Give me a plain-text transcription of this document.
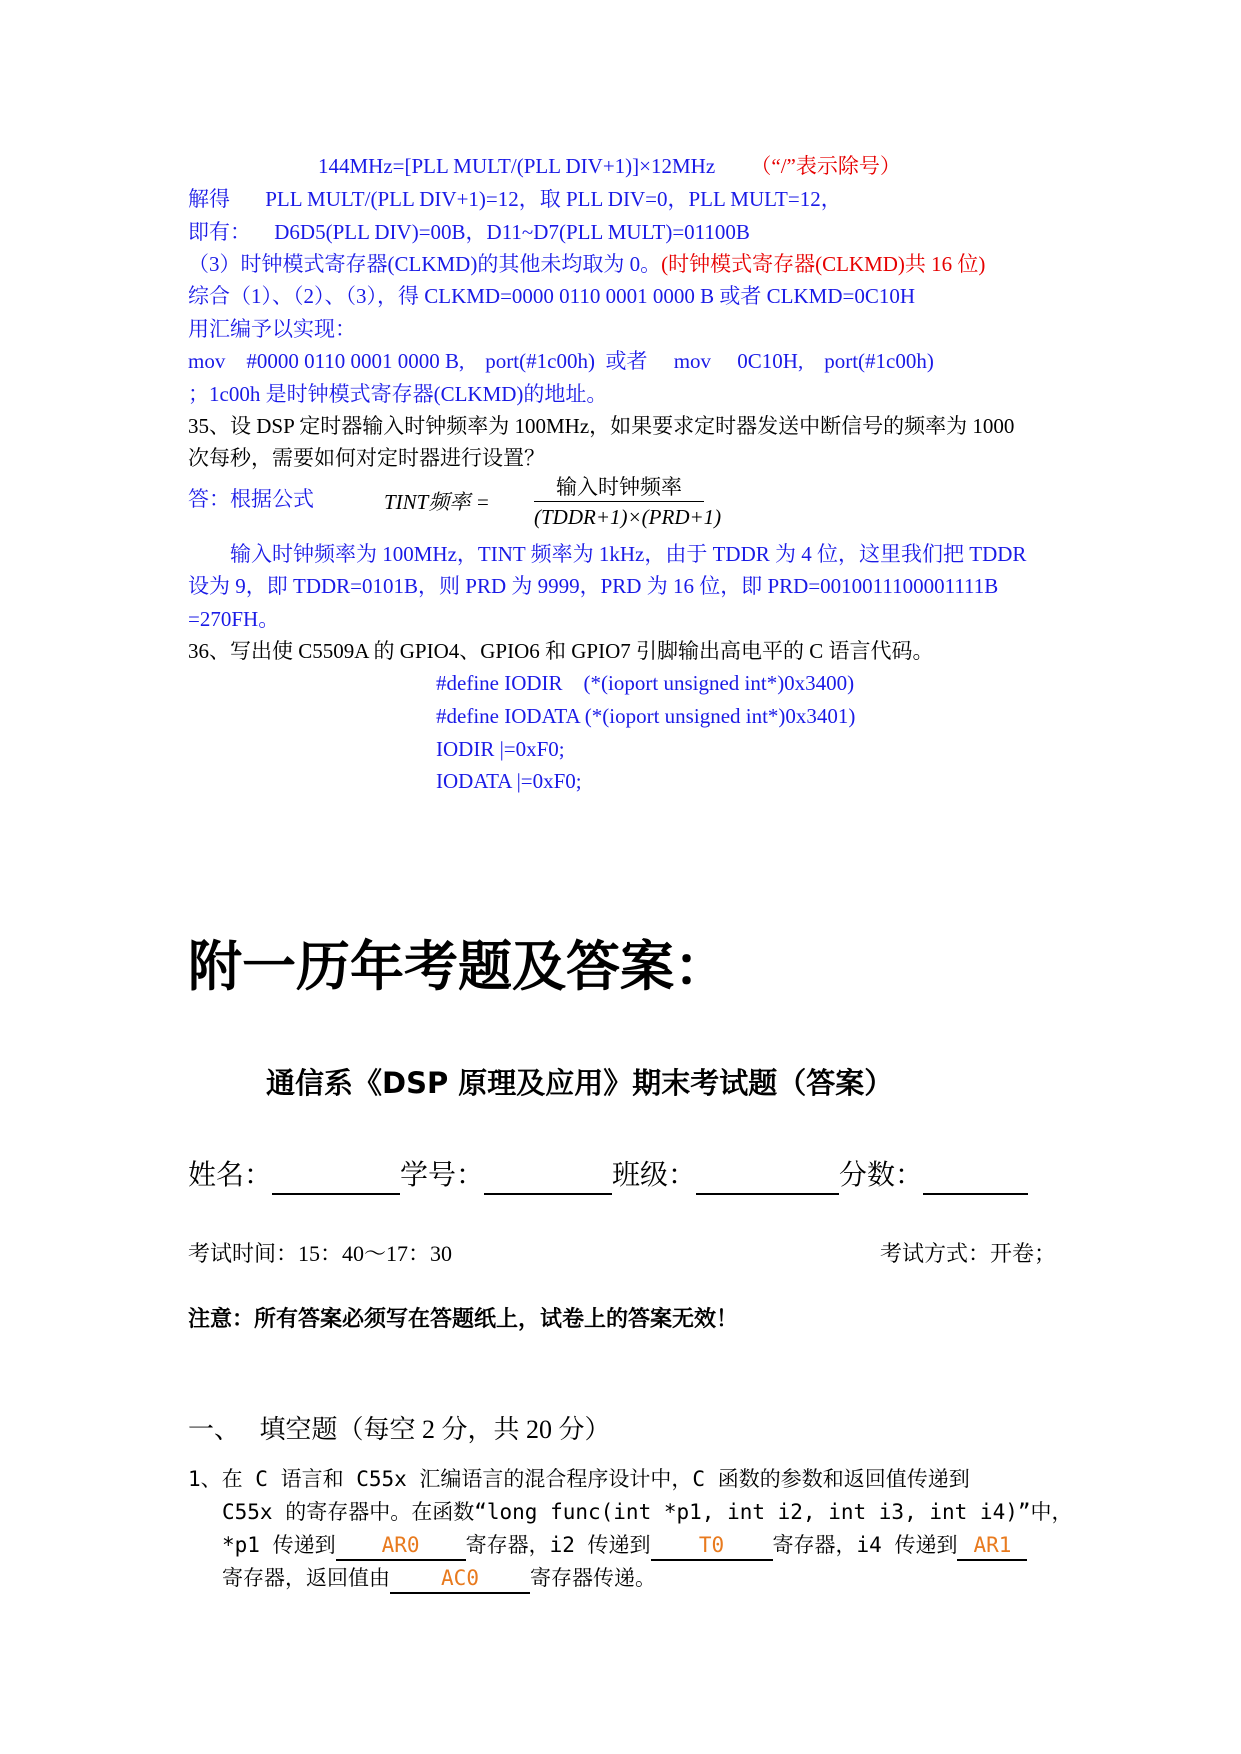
144MHz=[PLL MULT/(PLL DIV+1)]×12MHz （“/”表示除号）
解得 PLL MULT/(PLL DIV+1)=12，取 PLL DIV=0，PLL MULT=12，
即有： D6D5(PLL DIV)=00B，D11~D7(PLL MULT)=01100B
（3）时钟模式寄存器(CLKMD)的其他未均取为 0。(时钟模式寄存器(CLKMD)共 16 位)
综合（1）、（2）、（3），得 CLKMD=0000 0110 0001 0000 B 或者 CLKMD=0C10H
用汇编予以实现：
mov    #0000 0110 0001 0000 B,    port(#1c00h)  或者     mov     0C10H,    port(#1c00h)
；1c00h 是时钟模式寄存器(CLKMD)的地址。
35、设 DSP 定时器输入时钟频率为 100MHz，如果要求定时器发送中断信号的频率为 1000
次每秒，需要如何对定时器进行设置？
答：根据公式	TINT频率 =
输入时钟频率
(TDDR+1)×(PRD+1)
输入时钟频率为 100MHz，TINT 频率为 1kHz，由于 TDDR 为 4 位，这里我们把 TDDR
设为 9，即 TDDR=0101B，则 PRD 为 9999，PRD 为 16 位，即 PRD=0010011100001111B
=270FH。
36、写出使 C5509A 的 GPIO4、GPIO6 和 GPIO7 引脚输出高电平的 C 语言代码。
#define IODIR    (*(ioport unsigned int*)0x3400)
#define IODATA (*(ioport unsigned int*)0x3401)
IODIR |=0xF0;
IODATA |=0xF0;
附一历年考题及答案：
通信系《DSP 原理及应用》期末考试题（答案）
姓名：	学号：	班级：	分数：
考试时间：15：40～17：30	考试方式：开卷；
注意：所有答案必须写在答题纸上，试卷上的答案无效！
一、   填空题（每空 2 分，共 20 分）
1、在 C 语言和 C55x 汇编语言的混合程序设计中，C 函数的参数和返回值传递到
C55x 的寄存器中。在函数“long func(int *p1, int i2, int i3, int i4)”中，
*p1 传递到 AR0 寄存器，i2 传递到 T0 寄存器，i4 传递到 AR1
寄存器，返回值由 AC0 寄存器传递。
